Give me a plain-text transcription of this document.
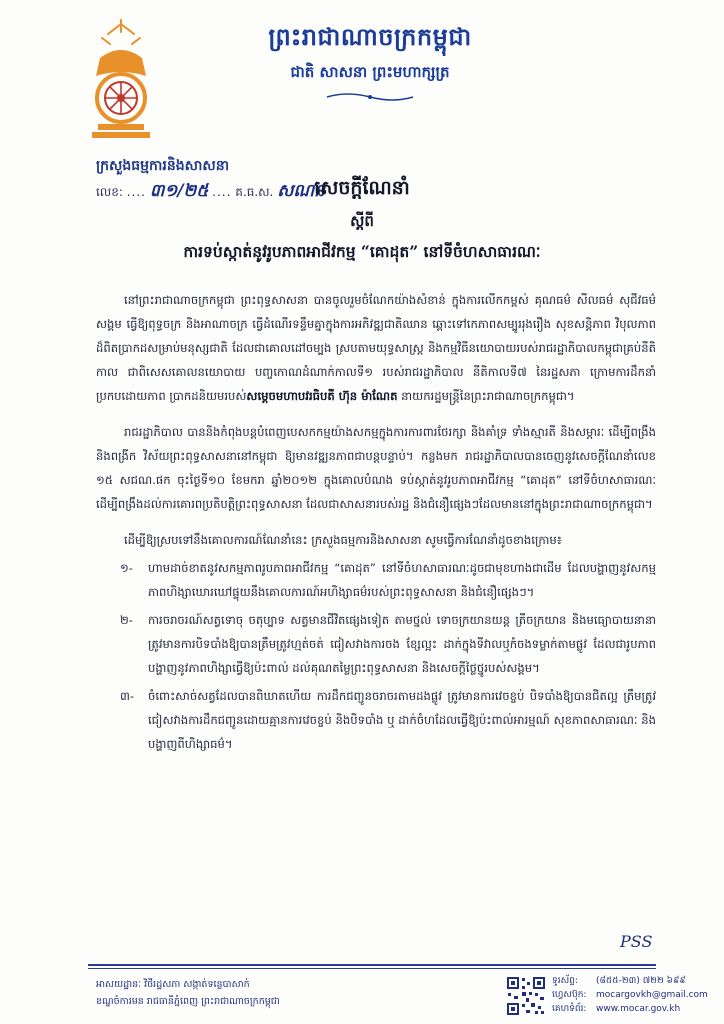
ព្រះរាជាណាចក្រកម្ពុជា
ជាតិ សាសនា ព្រះមហាក្សត្រ
ក្រសួងធម្មការនិងសាសនា
លេខ: .... ៣១/២៥ .... គ.ធ.ស. សណន
សេចក្តីណែនាំ
ស្តីពី
ការទប់ស្កាត់នូវរូបភាពអាជីវកម្ម “គោដុត” នៅទីចំហសាធារណៈ

នៅព្រះរាជាណាចក្រកម្ពុជា ព្រះពុទ្ធសាសនា បានចូលរួមចំណែកយ៉ាងសំខាន់ ក្នុងការលើកកម្ពស់ គុណធម៌ សីលធម៌ សុជីវធម៌សង្គម ធ្វើឱ្យពុទ្ធចក្រ និងអាណាចក្រ ធ្វើដំណើរទន្ទឹមគ្នាក្នុងការអភិវឌ្ឍជាតិឈាន ឆ្ពោះទៅកេភាពសម្បូររុងរឿង សុខសន្តិភាព វិបុលភាពដ៏ពិតប្រាកដសម្រាប់មនុស្សជាតិ ដែលជាគោលដៅចម្បង ស្របតាមយុទ្ធសាស្ត្រ និងកម្មវិធីនយោបាយរបស់រាជរដ្ឋាភិបាលកម្ពុជាគ្រប់នីតិកាល ជាពិសេសគោលនយោបាយ បញ្ចកោណដំណាក់កាលទី១ របស់រាជរដ្ឋាភិបាល នីតិកាលទី៧ នៃរដ្ឋសភា ក្រោមការដឹកនាំប្រកបដោយភាព ប្រាកដនិយមរបស់សម្តេចមហាបវរធិបតី ហ៊ុន ម៉ាណែត នាយករដ្ឋមន្ត្រីនៃព្រះរាជាណាចក្រកម្ពុជា។

រាជរដ្ឋាភិបាល បាននិងកំពុងបន្តបំពេញបេសកកម្មយ៉ាងសកម្មក្នុងការការពារថែរក្សា និងគាំទ្រ ទាំងស្មារតី និងសម្ភារៈ ដើម្បីពង្រឹង និងពង្រីក វិស័យព្រះពុទ្ធសាសនានៅកម្ពុជា ឱ្យមានវឌ្ឍនភាពជាបន្តបន្ទាប់។ កន្លងមក រាជរដ្ឋាភិបាលបានចេញនូវសេចក្តីណែនាំលេខ ១៥ សជណ.ផក ចុះថ្ងៃទី១០ ខែមករា ឆ្នាំ២០១២ ក្នុងគោលបំណង ទប់ស្កាត់នូវរូបភាពអាជីវកម្ម “គោដុត” នៅទីចំហសាធារណៈ ដើម្បីពង្រឹងដល់ការគោរពប្រតិបត្តិព្រះពុទ្ធសាសនា ដែលជាសាសនារបស់រដ្ឋ និងជំនឿផ្សេងៗដែលមាននៅក្នុងព្រះរាជាណាចក្រកម្ពុជា។

ដើម្បីឱ្យស្របទៅនឹងគោលការណ៍ណែនាំនេះ ក្រសួងធម្មការនិងសាសនា សូមធ្វើការណែនាំដូចខាងក្រោម៖

១- ហាមដាច់ខាតនូវសកម្មភាពរូបភាពអាជីវកម្ម “គោដុត” នៅទីចំហសាធារណៈដូចជាមុខហាងជាដើម ដែលបង្ហាញនូវសកម្មភាពហិង្សាឃោរឃៅផ្ទុយនឹងគោលការណ៍អហិង្សាធម៌របស់ព្រះពុទ្ធសាសនា និងជំនឿផ្សេងៗ។
២- ការចរាចរណ៍សត្វទោចុ ចតុប្បាទ សត្វមានជីវិតផ្សេងទៀត តាមថ្នល់ ទោចក្រយានយន្ត ត្រីចក្រយាន និងមធ្យោបាយនានាត្រូវមានការបិទបាំងឱ្យបានត្រឹមត្រូវហ្មត់ចត់ ជៀសវាងការចង ខ្សែល្អះ ដាក់ក្នុងទីវាលឬកំចងទម្លាក់តាមផ្លូវ ដែលជារូបភាពបង្ហាញនូវភាពហិង្សាធ្វើឱ្យប៉ះពាល់ ដល់គុណតម្លៃព្រះពុទ្ធសាសនា និងសេចក្តីថ្លៃថ្នូរបស់សង្គម។
៣- ចំពោះសាច់សត្វដែលបានពិឃាតហើយ ការដឹកជញ្ជូនចរាចរតាមដងផ្លូវ ត្រូវមានការវេចខ្ចប់ បិទបាំងឱ្យបានជិតល្អ ត្រឹមត្រូវ ជៀសវាងការដឹកជញ្ជូនដោយគ្មានការវេចខ្ចប់ និងបិទបាំង ឬ ដាក់ចំហដែលធ្វើឱ្យប៉ះពាល់អារម្មណ៍ សុខភាពសាធារណៈ និងបង្ហាញពីហិង្សាធម៌។
PSS
អាសយដ្ឋានៈ វិថីរដ្ឋសភា សង្កាត់ទន្លេបាសាក់
ខណ្ឌចំការមន រាជធានីភ្នំពេញ ព្រះរាជាណាចក្រកម្ពុជា
ទូរស័ព្ទ: (៨៥៥-២៣) ៧២២ ៦៩៩
ហ្វេសប៊ុក: mocargovkh@gmail.com
គេហទំព័រ: www.mocar.gov.kh
